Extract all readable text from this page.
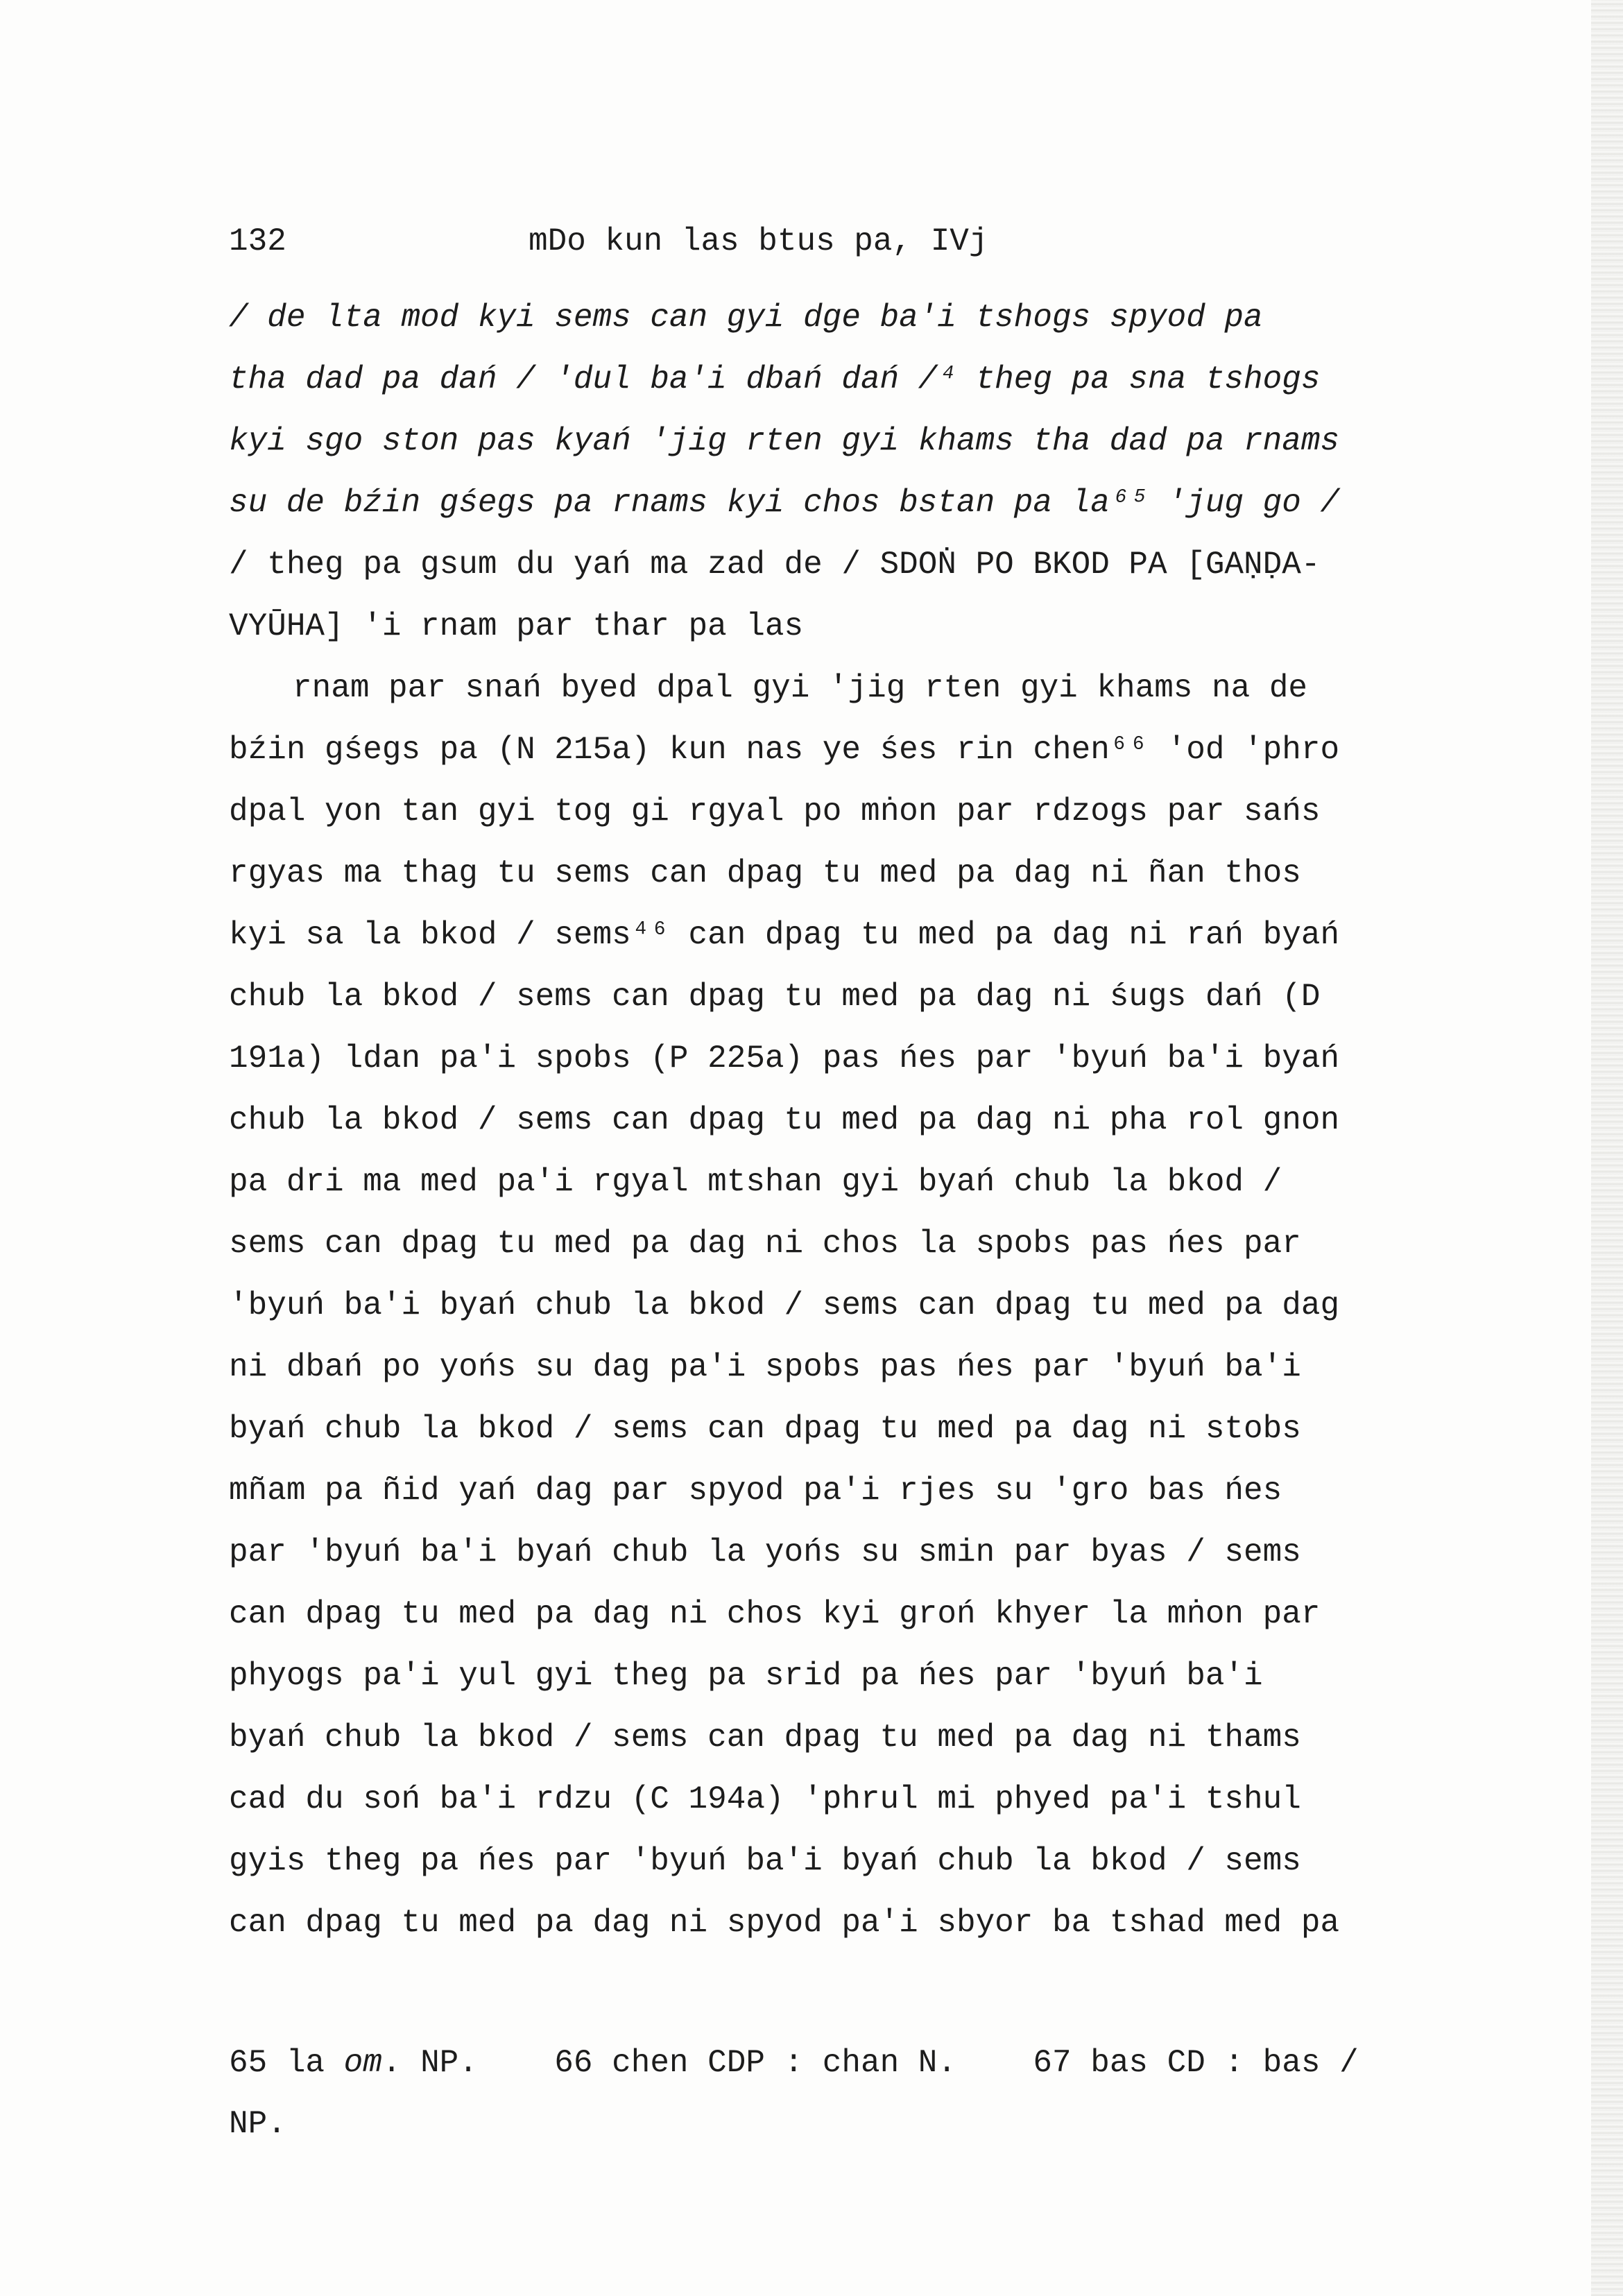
132	mDo kun las btus pa, IVj
/ de lta mod kyi sems can gyi dge ba'i tshogs spyod pa
tha dad pa dań / 'dul ba'i dbań dań /⁴ theg pa sna tshogs
kyi sgo ston pas kyań 'jig rten gyi khams tha dad pa rnams
su de bźin gśegs pa rnams kyi chos bstan pa la⁶⁵ 'jug go /
/ theg pa gsum du yań ma zad de / SDOṄ PO BKOD PA [GAṆḌA-
VYŪHA] 'i rnam par thar pa las
rnam par snań byed dpal gyi 'jig rten gyi khams na de
bźin gśegs pa (N 215a) kun nas ye śes rin chen⁶⁶ 'od 'phro
dpal yon tan gyi tog gi rgyal po mṅon par rdzogs par sańs
rgyas ma thag tu sems can dpag tu med pa dag ni ñan thos
kyi sa la bkod / sems⁴⁶ can dpag tu med pa dag ni rań byań
chub la bkod / sems can dpag tu med pa dag ni śugs dań (D
191a) ldan pa'i spobs (P 225a) pas ńes par 'byuń ba'i byań
chub la bkod / sems can dpag tu med pa dag ni pha rol gnon
pa dri ma med pa'i rgyal mtshan gyi byań chub la bkod /
sems can dpag tu med pa dag ni chos la spobs pas ńes par
'byuń ba'i byań chub la bkod / sems can dpag tu med pa dag
ni dbań po yońs su dag pa'i spobs pas ńes par 'byuń ba'i
byań chub la bkod / sems can dpag tu med pa dag ni stobs
mñam pa ñid yań dag par spyod pa'i rjes su 'gro bas ńes
par 'byuń ba'i byań chub la yońs su smin par byas / sems
can dpag tu med pa dag ni chos kyi groń khyer la mṅon par
phyogs pa'i yul gyi theg pa srid pa ńes par 'byuń ba'i
byań chub la bkod / sems can dpag tu med pa dag ni thams
cad du soń ba'i rdzu (C 194a) 'phrul mi phyed pa'i tshul
gyis theg pa ńes par 'byuń ba'i byań chub la bkod / sems
can dpag tu med pa dag ni spyod pa'i sbyor ba tshad med pa
65 la om. NP.    66 chen CDP : chan N.    67 bas CD : bas /
NP.
